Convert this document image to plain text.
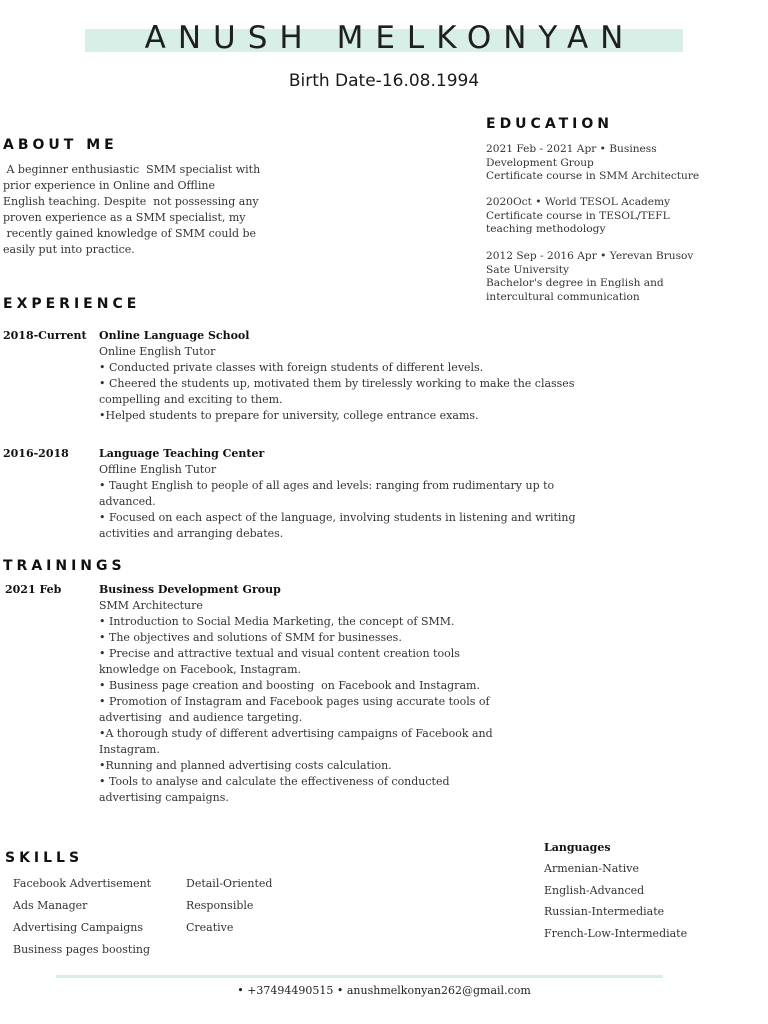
ANUSH MELKONYAN
Birth Date-16.08.1994
ABOUT ME
A beginner enthusiastic  SMM specialist with
prior experience in Online and Offline
English teaching. Despite  not possessing any
proven experience as a SMM specialist, my
recently gained knowledge of SMM could be
easily put into practice.
EDUCATION
2021 Feb - 2021 Apr • Business
Development Group
Certificate course in SMM Architecture
2020Oct • World TESOL Academy
Certificate course in TESOL/TEFL
teaching methodology
2012 Sep - 2016 Apr • Yerevan Brusov
Sate University
Bachelor's degree in English and
intercultural communication
EXPERIENCE
2018-Current Online Language School
Online English Tutor
• Conducted private classes with foreign students of different levels.
• Cheered the students up, motivated them by tirelessly working to make the classes
compelling and exciting to them.
•Helped students to prepare for university, college entrance exams.
2016-2018	Language Teaching Center
Offline English Tutor
• Taught English to people of all ages and levels: ranging from rudimentary up to
advanced.
• Focused on each aspect of the language, involving students in listening and writing
activities and arranging debates.
TRAININGS
2021 Feb	Business Development Group
SMM Architecture
• Introduction to Social Media Marketing, the concept of SMM.
• The objectives and solutions of SMM for businesses.
• Precise and attractive textual and visual content creation tools
knowledge on Facebook, Instagram.
• Business page creation and boosting  on Facebook and Instagram.
• Promotion of Instagram and Facebook pages using accurate tools of
advertising  and audience targeting.
•A thorough study of different advertising campaigns of Facebook and
Instagram.
•Running and planned advertising costs calculation.
• Tools to analyse and calculate the effectiveness of conducted
advertising campaigns.
SKILLS
Facebook Advertisement
Ads Manager
Advertising Campaigns
Business pages boosting
Detail-Oriented
Responsible
Creative
Languages
Armenian-Native
English-Advanced
Russian-Intermediate
French-Low-Intermediate
• +37494490515 • anushmelkonyan262@gmail.com
